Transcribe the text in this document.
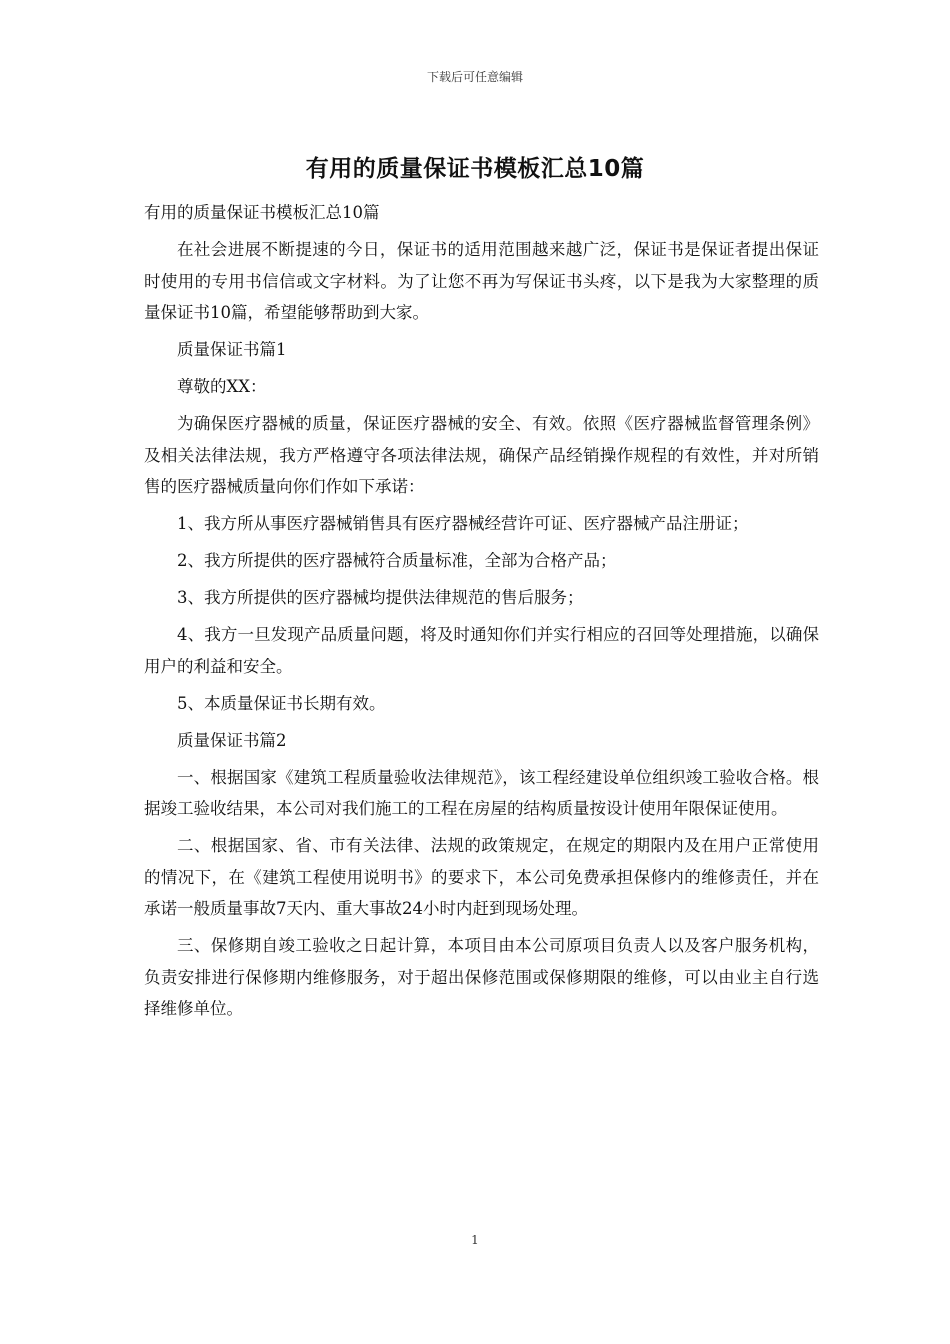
下载后可任意编辑
有用的质量保证书模板汇总10篇

有用的质量保证书模板汇总10篇

在社会进展不断提速的今日，保证书的适用范围越来越广泛，保证书是保证者提出保证时使用的专用书信信或文字材料。为了让您不再为写保证书头疼，以下是我为大家整理的质量保证书10篇，希望能够帮助到大家。

质量保证书篇1

尊敬的XX：

为确保医疗器械的质量，保证医疗器械的安全、有效。依照《医疗器械监督管理条例》及相关法律法规，我方严格遵守各项法律法规，确保产品经销操作规程的有效性，并对所销售的医疗器械质量向你们作如下承诺：

1、我方所从事医疗器械销售具有医疗器械经营许可证、医疗器械产品注册证；

2、我方所提供的医疗器械符合质量标准，全部为合格产品；

3、我方所提供的医疗器械均提供法律规范的售后服务；

4、我方一旦发现产品质量问题，将及时通知你们并实行相应的召回等处理措施，以确保用户的利益和安全。

5、本质量保证书长期有效。

质量保证书篇2

一、根据国家《建筑工程质量验收法律规范》，该工程经建设单位组织竣工验收合格。根据竣工验收结果，本公司对我们施工的工程在房屋的结构质量按设计使用年限保证使用。

二、根据国家、省、市有关法律、法规的政策规定，在规定的期限内及在用户正常使用的情况下，在《建筑工程使用说明书》的要求下，本公司免费承担保修内的维修责任，并在承诺一般质量事故7天内、重大事故24小时内赶到现场处理。

三、保修期自竣工验收之日起计算，本项目由本公司原项目负责人以及客户服务机构，负责安排进行保修期内维修服务，对于超出保修范围或保修期限的维修，可以由业主自行选择维修单位。

1
